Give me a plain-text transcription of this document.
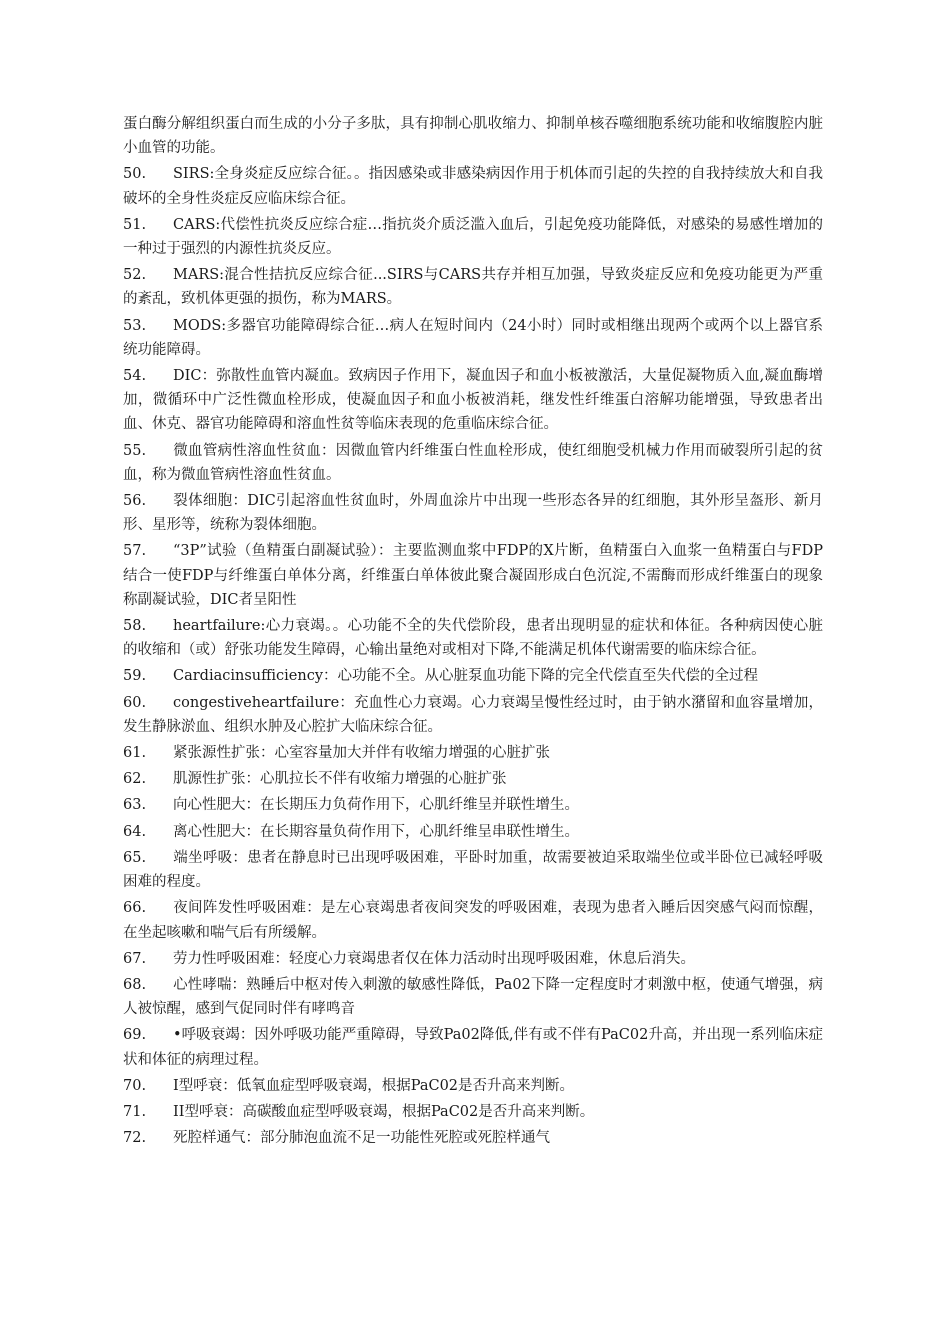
蛋白酶分解组织蛋白而生成的小分子多肽，具有抑制心肌收缩力、抑制单核吞噬细胞系统功能和收缩腹腔内脏小血管的功能。

50. SIRS:全身炎症反应综合征。。指因感染或非感染病因作用于机体而引起的失控的自我持续放大和自我破坏的全身性炎症反应临床综合征。

51. CARS:代偿性抗炎反应综合症…指抗炎介质泛滥入血后，引起免疫功能降低，对感染的易感性增加的一种过于强烈的内源性抗炎反应。

52. MARS:混合性拮抗反应综合征...SIRS与CARS共存并相互加强，导致炎症反应和免疫功能更为严重的紊乱，致机体更强的损伤，称为MARS。

53. MODS:多器官功能障碍综合征…病人在短时间内（24小时）同时或相继出现两个或两个以上器官系统功能障碍。

54. DIC：弥散性血管内凝血。致病因子作用下，凝血因子和血小板被激活，大量促凝物质入血,凝血酶增加，微循环中广泛性微血栓形成，使凝血因子和血小板被消耗，继发性纤维蛋白溶解功能增强，导致患者出血、休克、器官功能障碍和溶血性贫等临床表现的危重临床综合征。

55. 微血管病性溶血性贫血：因微血管内纤维蛋白性血栓形成，使红细胞受机械力作用而破裂所引起的贫血，称为微血管病性溶血性贫血。

56. 裂体细胞：DIC引起溶血性贫血时，外周血涂片中出现一些形态各异的红细胞，其外形呈盔形、新月形、星形等，统称为裂体细胞。

57. “3P”试验（鱼精蛋白副凝试验）：主要监测血浆中FDP的X片断，鱼精蛋白入血浆一鱼精蛋白与FDP结合一使FDP与纤维蛋白单体分离，纤维蛋白单体彼此聚合凝固形成白色沉淀,不需酶而形成纤维蛋白的现象称副凝试验，DIC者呈阳性

58. heartfailure:心力衰竭。。心功能不全的失代偿阶段，患者出现明显的症状和体征。各种病因使心脏的收缩和（或）舒张功能发生障碍，心输出量绝对或相对下降,不能满足机体代谢需要的临床综合征。

59. Cardiacinsufficiency：心功能不全。从心脏泵血功能下降的完全代偿直至失代偿的全过程

60. congestiveheartfailure：充血性心力衰竭。心力衰竭呈慢性经过时，由于钠水潴留和血容量增加，发生静脉淤血、组织水肿及心腔扩大临床综合征。

61. 紧张源性扩张：心室容量加大并伴有收缩力增强的心脏扩张

62. 肌源性扩张：心肌拉长不伴有收缩力增强的心脏扩张

63. 向心性肥大：在长期压力负荷作用下，心肌纤维呈并联性增生。

64. 离心性肥大：在长期容量负荷作用下，心肌纤维呈串联性增生。

65. 端坐呼吸：患者在静息时已出现呼吸困难，平卧时加重，故需要被迫采取端坐位或半卧位已减轻呼吸困难的程度。

66. 夜间阵发性呼吸困难：是左心衰竭患者夜间突发的呼吸困难，表现为患者入睡后因突感气闷而惊醒，在坐起咳嗽和喘气后有所缓解。

67. 劳力性呼吸困难：轻度心力衰竭患者仅在体力活动时出现呼吸困难，休息后消失。

68. 心性哮喘：熟睡后中枢对传入刺激的敏感性降低，Pa02下降一定程度时才刺激中枢，使通气增强，病人被惊醒，感到气促同时伴有哮鸣音

69. •呼吸衰竭：因外呼吸功能严重障碍，导致Pa02降低,伴有或不伴有PaC02升高，并出现一系列临床症状和体征的病理过程。

70. I型呼衰：低氧血症型呼吸衰竭，根据PaC02是否升高来判断。

71. II型呼衰：高碳酸血症型呼吸衰竭，根据PaC02是否升高来判断。

72. 死腔样通气：部分肺泡血流不足一功能性死腔或死腔样通气
